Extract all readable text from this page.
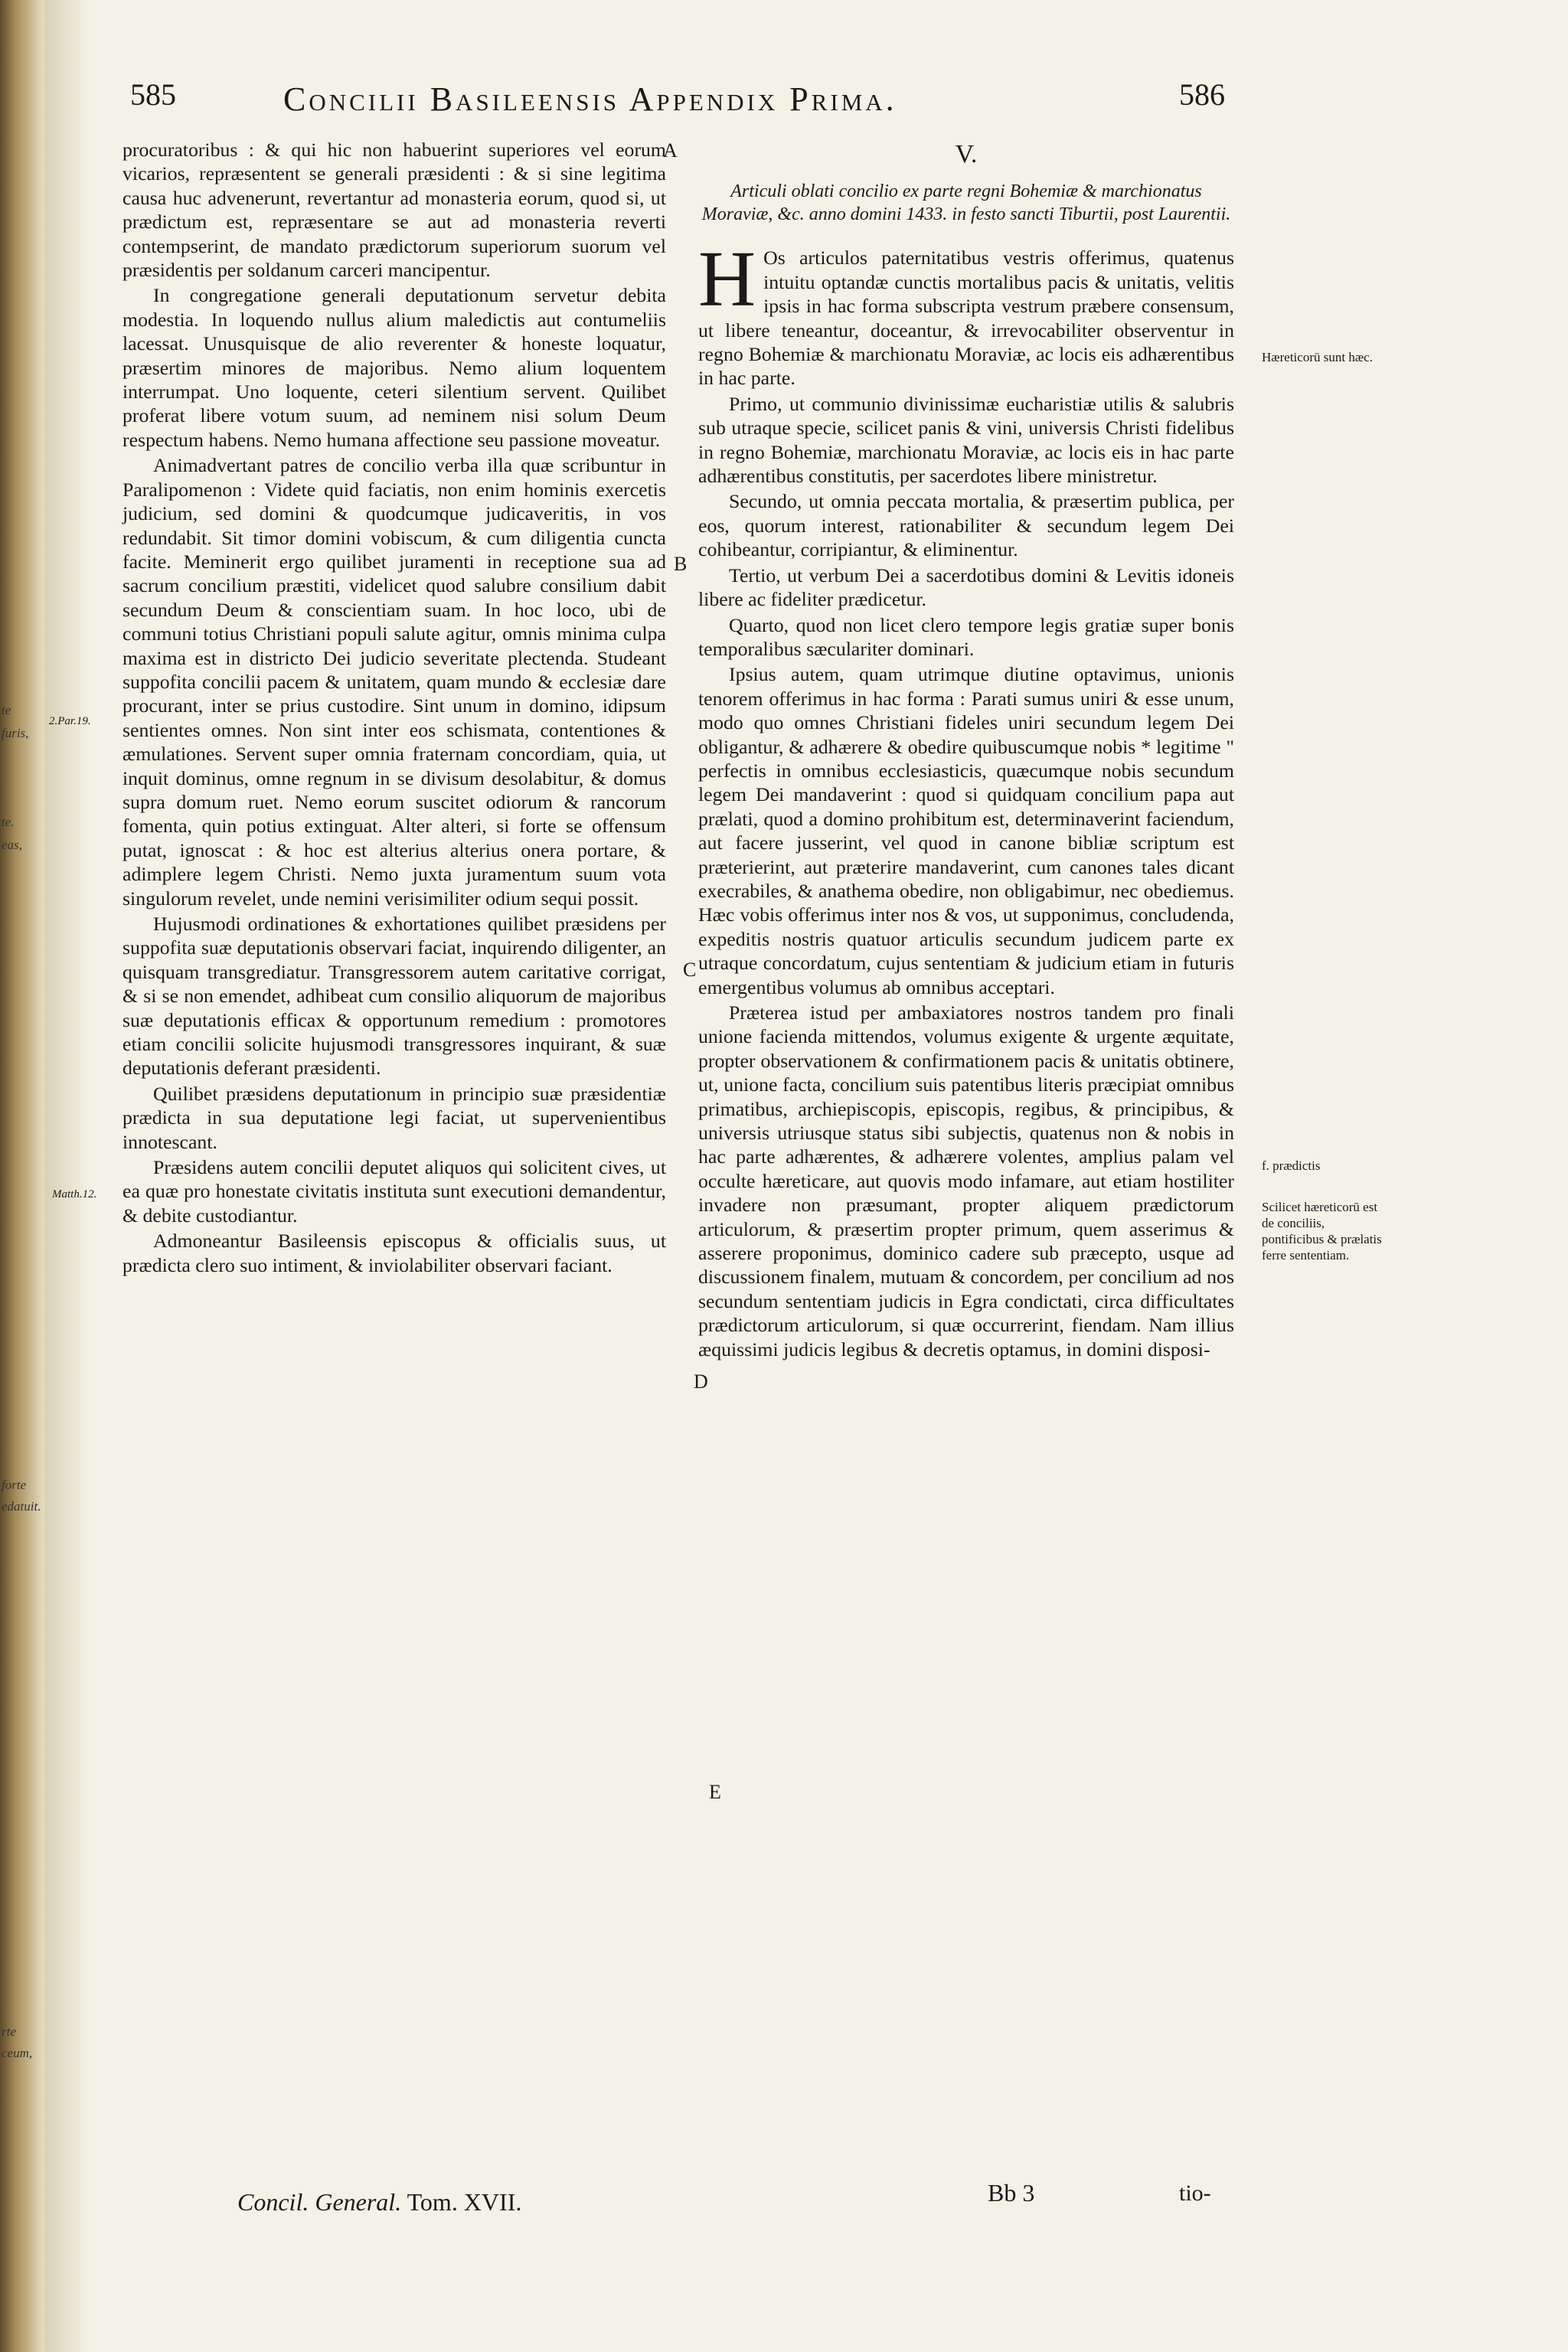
te
furis,
te.
eas,
forte
edatuit.
rte
ceum,
585	Concilii Basileensis Appendix Prima.	586
2.Par.19.
Matth.12.

procuratoribus : & qui hic non habuerint superiores vel eorum vicarios, repræsentent se generali præsidenti : & si sine legitima causa huc advenerunt, revertantur ad monasteria eorum, quod si, ut prædictum est, repræsentare se aut ad monasteria reverti contempserint, de mandato prædictorum superiorum suorum vel præsidentis per soldanum carceri mancipentur.

In congregatione generali deputationum servetur debita modestia. In loquendo nullus alium maledictis aut contumeliis lacessat. Unusquisque de alio reverenter & honeste loquatur, præsertim minores de majoribus. Nemo alium loquentem interrumpat. Uno loquente, ceteri silentium servent. Quilibet proferat libere votum suum, ad neminem nisi solum Deum respectum habens. Nemo humana affectione seu passione moveatur.

Animadvertant patres de concilio verba illa quæ scribuntur in Paralipomenon : Videte quid faciatis, non enim hominis exercetis judicium, sed domini & quodcumque judicaveritis, in vos redundabit. Sit timor domini vobiscum, & cum diligentia cuncta facite. Meminerit ergo quilibet juramenti in receptione sua ad sacrum concilium præstiti, videlicet quod salubre consilium dabit secundum Deum & conscientiam suam. In hoc loco, ubi de communi totius Christiani populi salute agitur, omnis minima culpa maxima est in districto Dei judicio severitate plectenda. Studeant suppofita concilii pacem & unitatem, quam mundo & ecclesiæ dare procurant, inter se prius custodire. Sint unum in domino, idipsum sentientes omnes. Non sint inter eos schismata, contentiones & æmulationes. Servent super omnia fraternam concordiam, quia, ut inquit dominus, omne regnum in se divisum desolabitur, & domus supra domum ruet. Nemo eorum suscitet odiorum & rancorum fomenta, quin potius extinguat. Alter alteri, si forte se offensum putat, ignoscat : & hoc est alterius alterius onera portare, & adimplere legem Christi. Nemo juxta juramentum suum vota singulorum revelet, unde nemini verisimiliter odium sequi possit.

Hujusmodi ordinationes & exhortationes quilibet præsidens per suppofita suæ deputationis observari faciat, inquirendo diligenter, an quisquam transgrediatur. Transgressorem autem caritative corrigat, & si se non emendet, adhibeat cum consilio aliquorum de majoribus suæ deputationis efficax & opportunum remedium : promotores etiam concilii solicite hujusmodi transgressores inquirant, & suæ deputationis deferant præsidenti.

Quilibet præsidens deputationum in principio suæ præsidentiæ prædicta in sua deputatione legi faciat, ut supervenientibus innotescant.

Præsidens autem concilii deputet aliquos qui solicitent cives, ut ea quæ pro honestate civitatis instituta sunt executioni demandentur, & debite custodiantur.

Admoneantur Basileensis episcopus & officialis suus, ut prædicta clero suo intiment, & inviolabiliter observari faciant.

A
B
C
D
E
V.
Articuli oblati concilio ex parte regni Bohemiæ & marchionatus Moraviæ, &c. anno domini 1433. in festo sancti Tiburtii, post Laurentii.

H Os articulos paternitatibus vestris offerimus, quatenus intuitu optandæ cunctis mortalibus pacis & unitatis, velitis ipsis in hac forma subscripta vestrum præbere consensum, ut libere teneantur, doceantur, & irrevocabiliter observentur in regno Bohemiæ & marchionatu Moraviæ, ac locis eis adhærentibus in hac parte.

Primo, ut communio divinissimæ eucharistiæ utilis & salubris sub utraque specie, scilicet panis & vini, universis Christi fidelibus in regno Bohemiæ, marchionatu Moraviæ, ac locis eis in hac parte adhærentibus constitutis, per sacerdotes libere ministretur.

Secundo, ut omnia peccata mortalia, & præsertim publica, per eos, quorum interest, rationabiliter & secundum legem Dei cohibeantur, corripiantur, & eliminentur.

Tertio, ut verbum Dei a sacerdotibus domini & Levitis idoneis libere ac fideliter prædicetur.

Quarto, quod non licet clero tempore legis gratiæ super bonis temporalibus sæculariter dominari.

Ipsius autem, quam utrimque diutine optavimus, unionis tenorem offerimus in hac forma : Parati sumus uniri & esse unum, modo quo omnes Christiani fideles uniri secundum legem Dei obligantur, & adhærere & obedire quibuscumque nobis * legitime " perfectis in omnibus ecclesiasticis, quæcumque nobis secundum legem Dei mandaverint : quod si quidquam concilium papa aut prælati, quod a domino prohibitum est, determinaverint faciendum, aut facere jusserint, vel quod in canone bibliæ scriptum est præterierint, aut præterire mandaverint, cum canones tales dicant execrabiles, & anathema obedire, non obligabimur, nec obediemus. Hæc vobis offerimus inter nos & vos, ut supponimus, concludenda, expeditis nostris quatuor articulis secundum judicem parte ex utraque concordatum, cujus sententiam & judicium etiam in futuris emergentibus volumus ab omnibus acceptari.

Præterea istud per ambaxiatores nostros tandem pro finali unione facienda mittendos, volumus exigente & urgente æquitate, propter observationem & confirmationem pacis & unitatis obtinere, ut, unione facta, concilium suis patentibus literis præcipiat omnibus primatibus, archiepiscopis, episcopis, regibus, & principibus, & universis utriusque status sibi subjectis, quatenus non & nobis in hac parte adhærentes, & adhærere volentes, amplius palam vel occulte hæreticare, aut quovis modo infamare, aut etiam hostiliter invadere non præsumant, propter aliquem prædictorum articulorum, & præsertim propter primum, quem asserimus & asserere proponimus, dominico cadere sub præcepto, usque ad discussionem finalem, mutuam & concordem, per concilium ad nos secundum sententiam judicis in Egra condictati, circa difficultates prædictorum articulorum, si quæ occurrerint, fiendam. Nam illius æquissimi judicis legibus & decretis optamus, in domini disposi-

Hæreticorū sunt hæc.
f. prædictis
Scilicet hæreticorū est de conciliis, pontificibus & prælatis ferre sententiam.
Concil. General. Tom. XVII.	Bb 3	tio-
